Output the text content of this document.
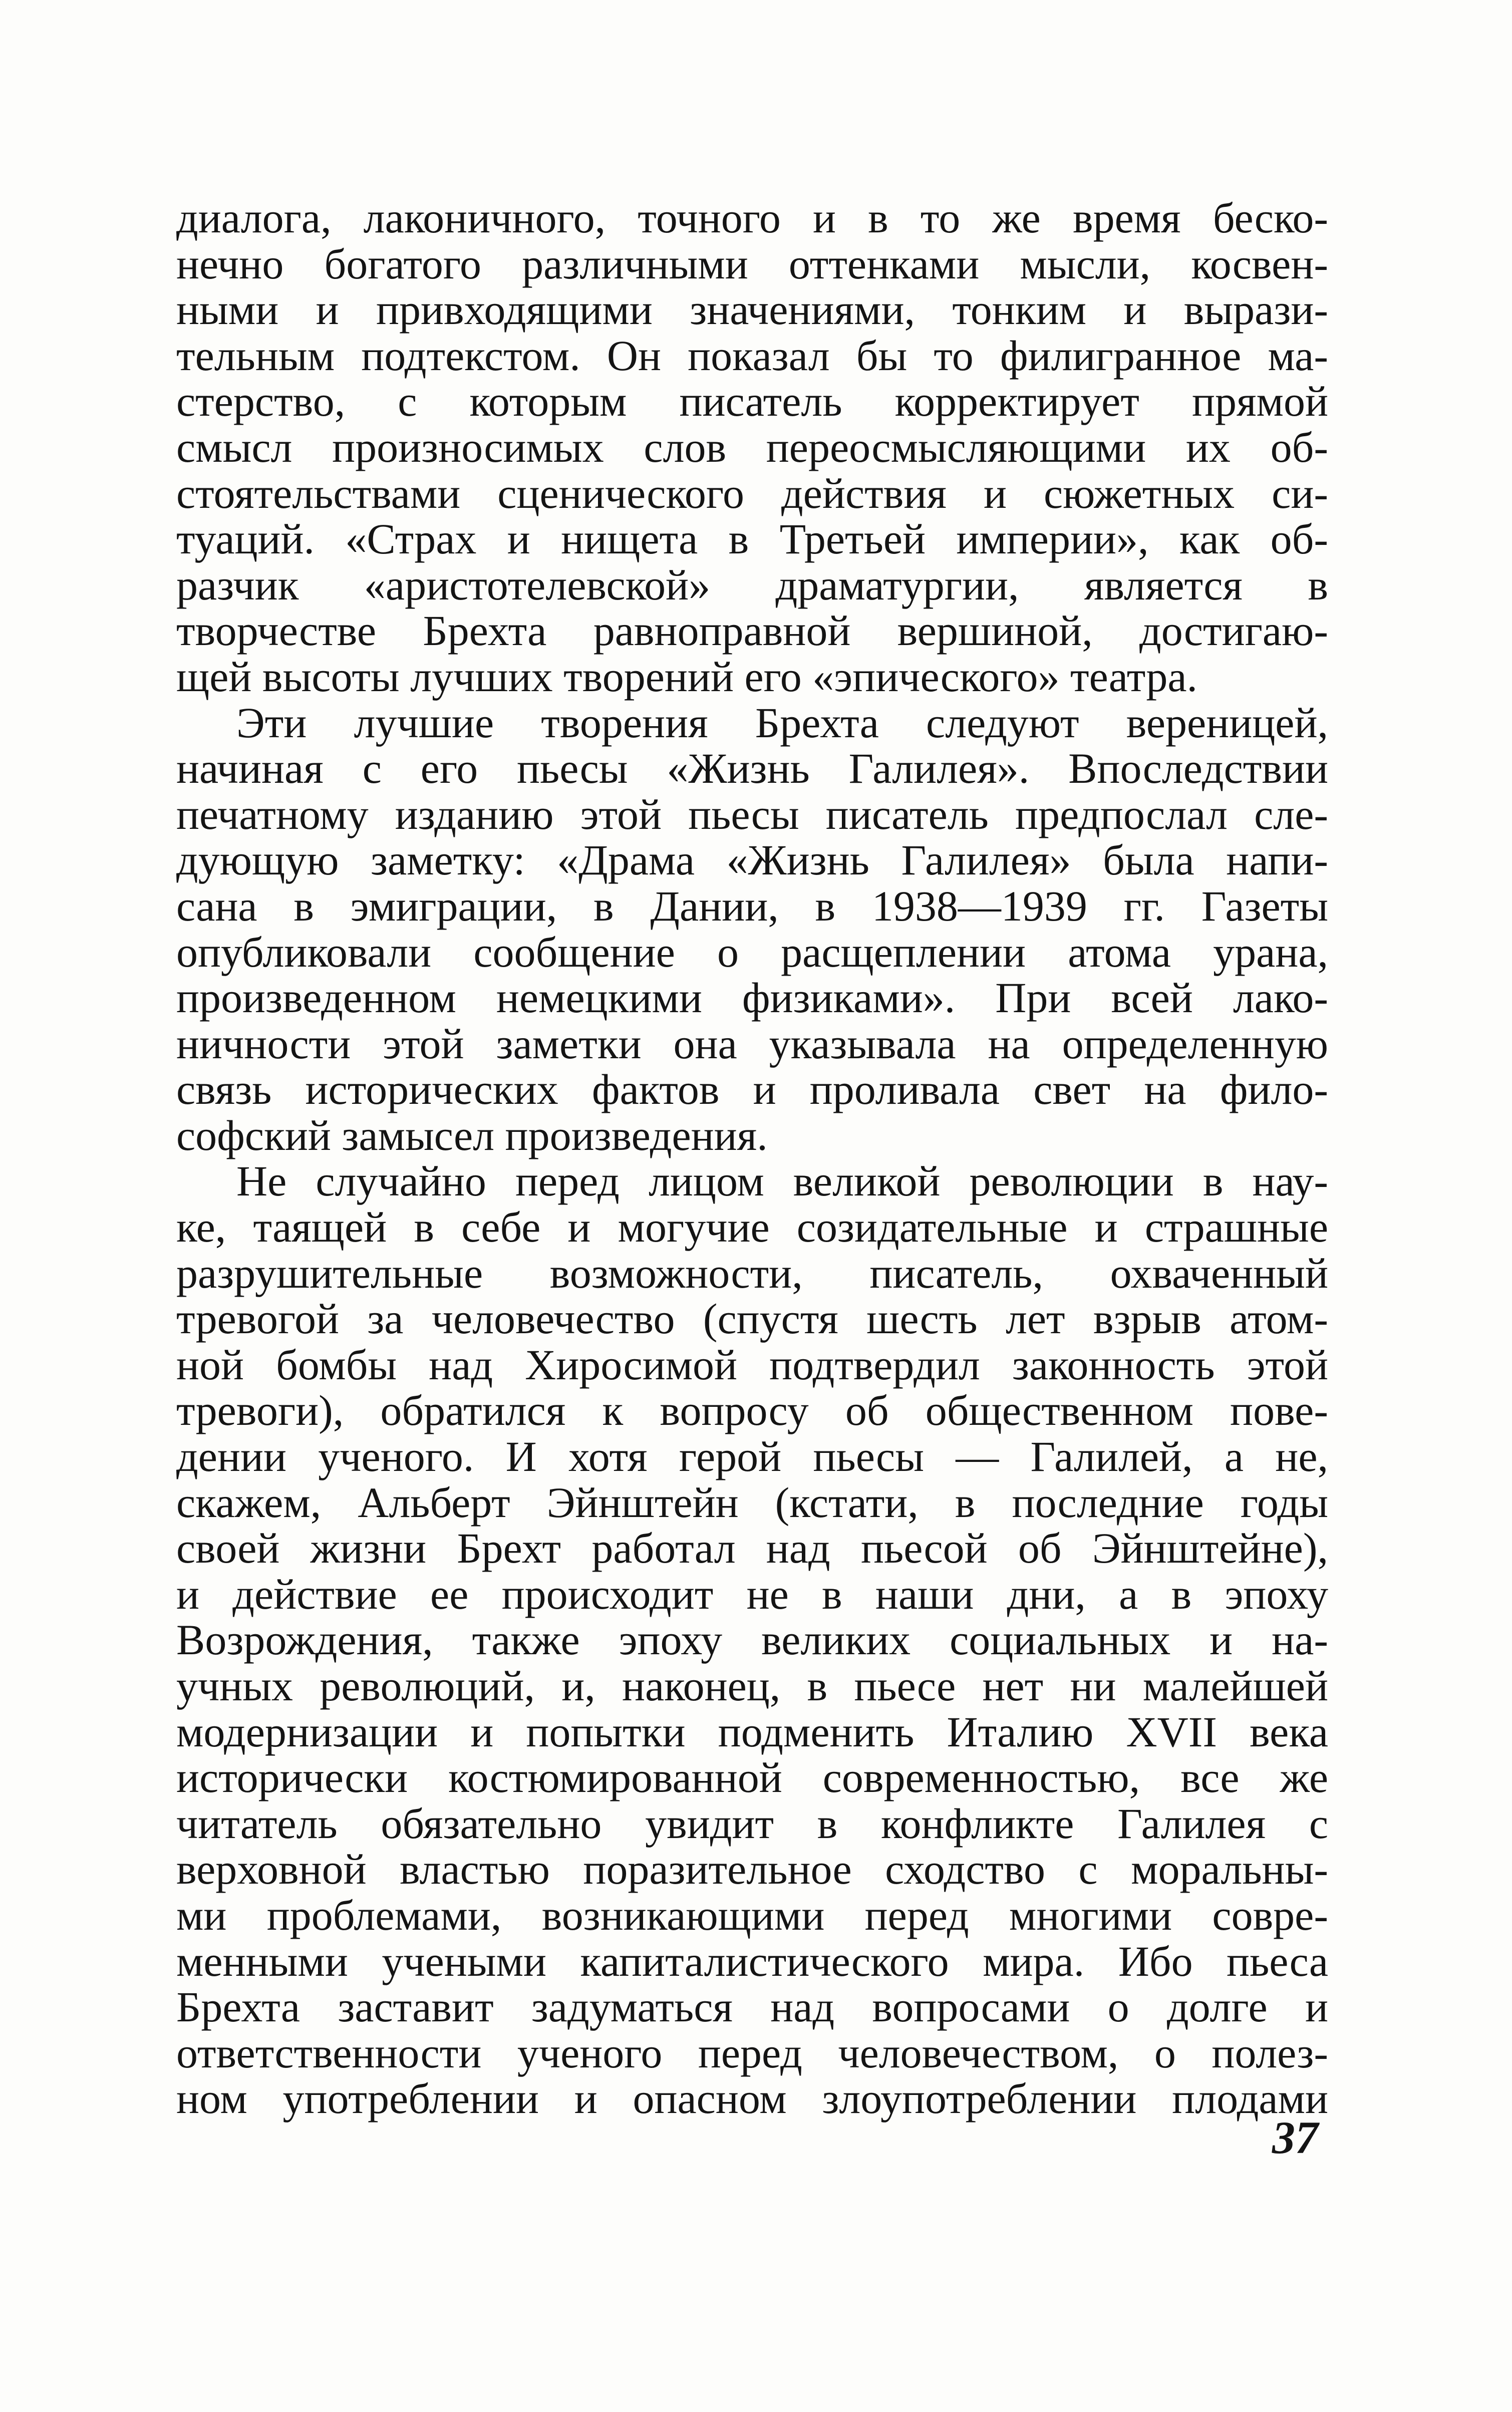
диалога, лаконичного, точного и в то же время беско-
нечно богатого различными оттенками мысли, косвен-
ными и привходящими значениями, тонким и вырази-
тельным подтекстом. Он показал бы то филигранное ма-
стерство, с которым писатель корректирует прямой
смысл произносимых слов переосмысляющими их об-
стоятельствами сценического действия и сюжетных си-
туаций. «Страх и нищета в Третьей империи», как об-
разчик «аристотелевской» драматургии, является в
творчестве Брехта равноправной вершиной, достигаю-
щей высоты лучших творений его «эпического» театра.
Эти лучшие творения Брехта следуют вереницей,
начиная с его пьесы «Жизнь Галилея». Впоследствии
печатному изданию этой пьесы писатель предпослал сле-
дующую заметку: «Драма «Жизнь Галилея» была напи-
сана в эмиграции, в Дании, в 1938—1939 гг. Газеты
опубликовали сообщение о расщеплении атома урана,
произведенном немецкими физиками». При всей лако-
ничности этой заметки она указывала на определенную
связь исторических фактов и проливала свет на фило-
софский замысел произведения.
Не случайно перед лицом великой революции в нау-
ке, таящей в себе и могучие созидательные и страшные
разрушительные возможности, писатель, охваченный
тревогой за человечество (спустя шесть лет взрыв атом-
ной бомбы над Хиросимой подтвердил законность этой
тревоги), обратился к вопросу об общественном пове-
дении ученого. И хотя герой пьесы — Галилей, а не,
скажем, Альберт Эйнштейн (кстати, в последние годы
своей жизни Брехт работал над пьесой об Эйнштейне),
и действие ее происходит не в наши дни, а в эпоху
Возрождения, также эпоху великих социальных и на-
учных революций, и, наконец, в пьесе нет ни малейшей
модернизации и попытки подменить Италию XVII века
исторически костюмированной современностью, все же
читатель обязательно увидит в конфликте Галилея с
верховной властью поразительное сходство с моральны-
ми проблемами, возникающими перед многими совре-
менными учеными капиталистического мира. Ибо пьеса
Брехта заставит задуматься над вопросами о долге и
ответственности ученого перед человечеством, о полез-
ном употреблении и опасном злоупотреблении плодами
37
